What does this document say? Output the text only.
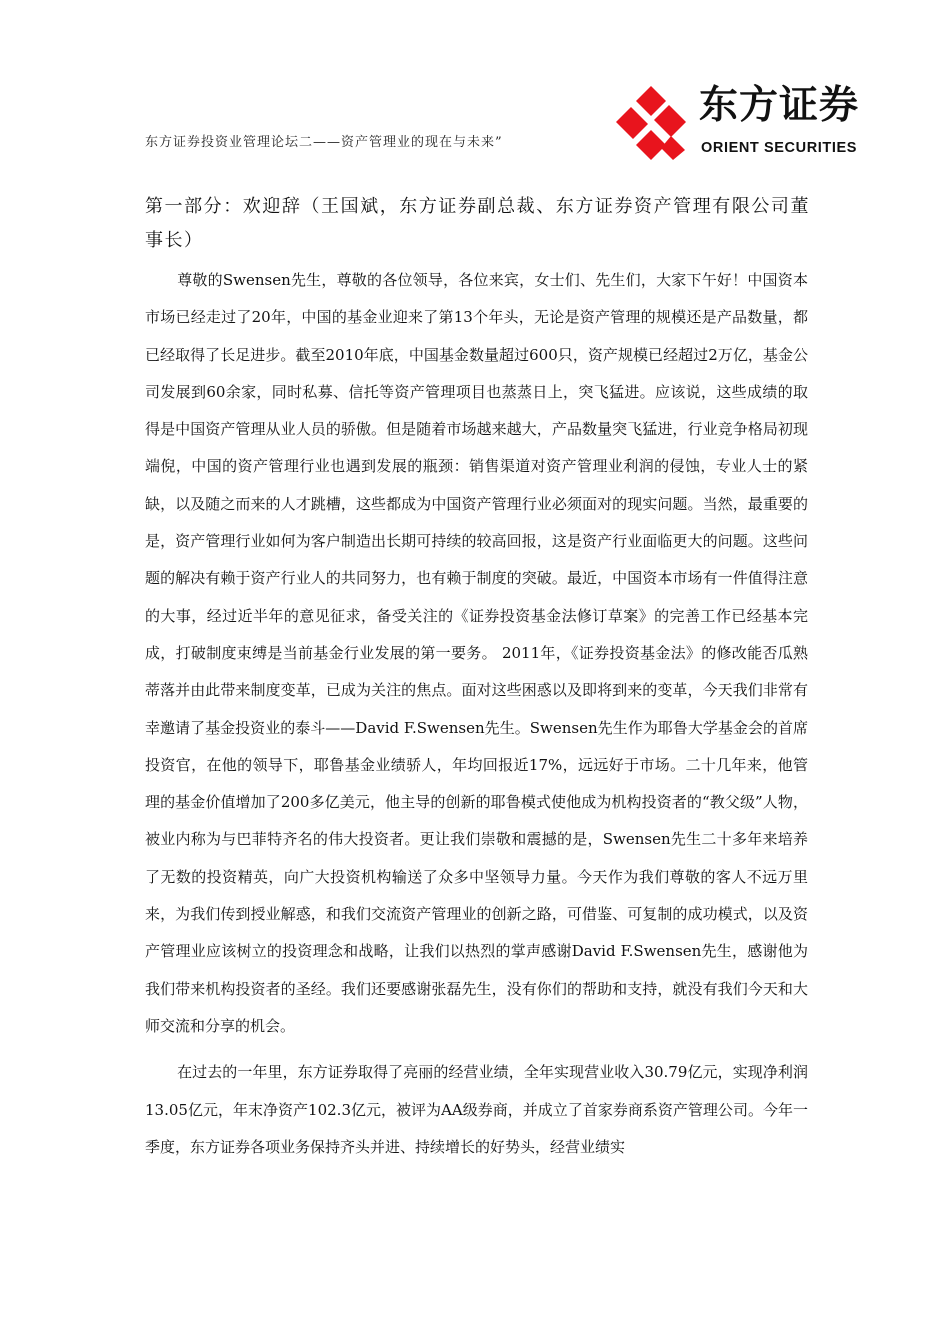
东方证券投资业管理论坛二——资产管理业的现在与未来”
东方证券
ORIENT SECURITIES
第一部分：欢迎辞（王国斌，东方证券副总裁、东方证券资产管理有限公司董事长）

尊敬的Swensen先生，尊敬的各位领导，各位来宾，女士们、先生们，大家下午好！中国资本市场已经走过了20年，中国的基金业迎来了第13个年头，无论是资产管理的规模还是产品数量，都已经取得了长足进步。截至2010年底，中国基金数量超过600只，资产规模已经超过2万亿，基金公司发展到60余家，同时私募、信托等资产管理项目也蒸蒸日上，突飞猛进。应该说，这些成绩的取得是中国资产管理从业人员的骄傲。但是随着市场越来越大，产品数量突飞猛进，行业竞争格局初现端倪，中国的资产管理行业也遇到发展的瓶颈：销售渠道对资产管理业利润的侵蚀，专业人士的紧缺，以及随之而来的人才跳槽，这些都成为中国资产管理行业必须面对的现实问题。当然，最重要的是，资产管理行业如何为客户制造出长期可持续的较高回报，这是资产行业面临更大的问题。这些问题的解决有赖于资产行业人的共同努力，也有赖于制度的突破。最近，中国资本市场有一件值得注意的大事，经过近半年的意见征求，备受关注的《证券投资基金法修订草案》的完善工作已经基本完成，打破制度束缚是当前基金行业发展的第一要务。 2011年，《证券投资基金法》的修改能否瓜熟蒂落并由此带来制度变革，已成为关注的焦点。面对这些困惑以及即将到来的变革，今天我们非常有幸邀请了基金投资业的泰斗——David F.Swensen先生。Swensen先生作为耶鲁大学基金会的首席投资官，在他的领导下，耶鲁基金业绩骄人，年均回报近17%，远远好于市场。二十几年来，他管理的基金价值增加了200多亿美元，他主导的创新的耶鲁模式使他成为机构投资者的“教父级”人物，被业内称为与巴菲特齐名的伟大投资者。更让我们崇敬和震撼的是，Swensen先生二十多年来培养了无数的投资精英，向广大投资机构输送了众多中坚领导力量。今天作为我们尊敬的客人不远万里来，为我们传到授业解惑，和我们交流资产管理业的创新之路，可借鉴、可复制的成功模式，以及资产管理业应该树立的投资理念和战略，让我们以热烈的掌声感谢David F.Swensen先生，感谢他为我们带来机构投资者的圣经。我们还要感谢张磊先生，没有你们的帮助和支持，就没有我们今天和大师交流和分享的机会。

在过去的一年里，东方证券取得了亮丽的经营业绩，全年实现营业收入30.79亿元，实现净利润13.05亿元，年末净资产102.3亿元，被评为AA级券商，并成立了首家券商系资产管理公司。今年一季度，东方证券各项业务保持齐头并进、持续增长的好势头，经营业绩实
